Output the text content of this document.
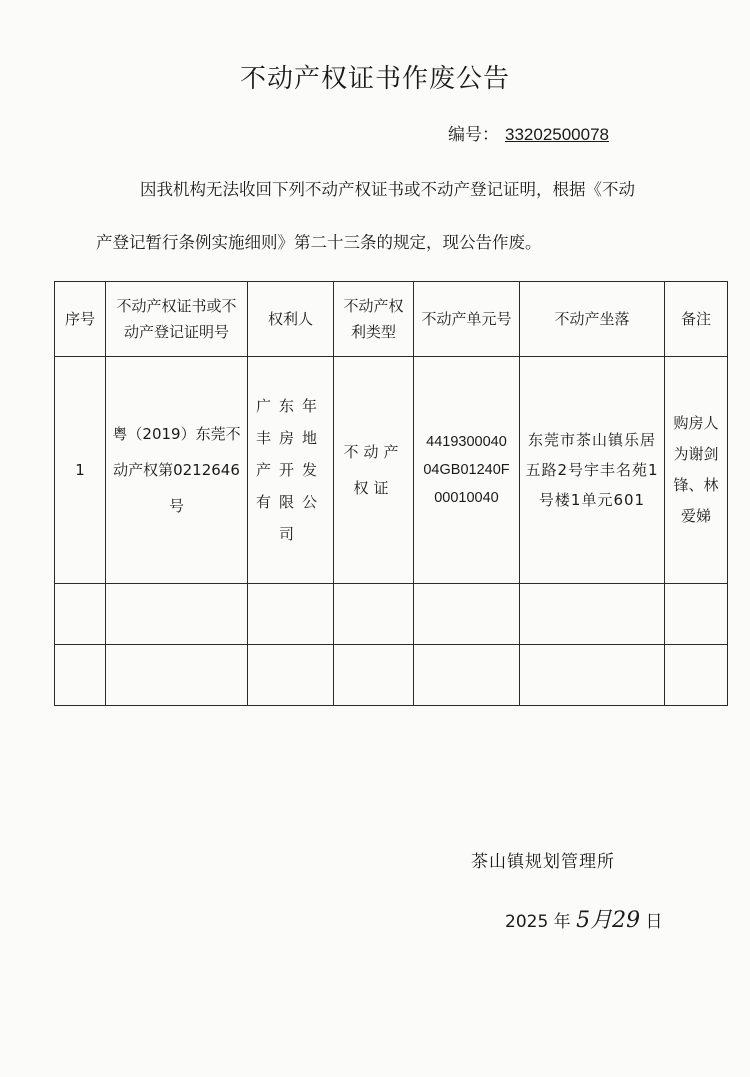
不动产权证书作废公告
编号： 33202500078
因我机构无法收回下列不动产权证书或不动产登记证明，根据《不动
产登记暂行条例实施细则》第二十三条的规定，现公告作废。
序号	不动产权证书或不动产登记证明号	权利人	不动产权利类型	不动产单元号	不动产坐落	备注
1	粤（2019）东莞不动产权第0212646号	广东年丰房地产开发有限公司	不动产权证	4419300040
04GB01240F
00010040	东莞市茶山镇乐居五路2号宇丰名苑1号楼1单元601	购房人为谢剑锋、林爱娣

茶山镇规划管理所
2025 年 5月29 日
